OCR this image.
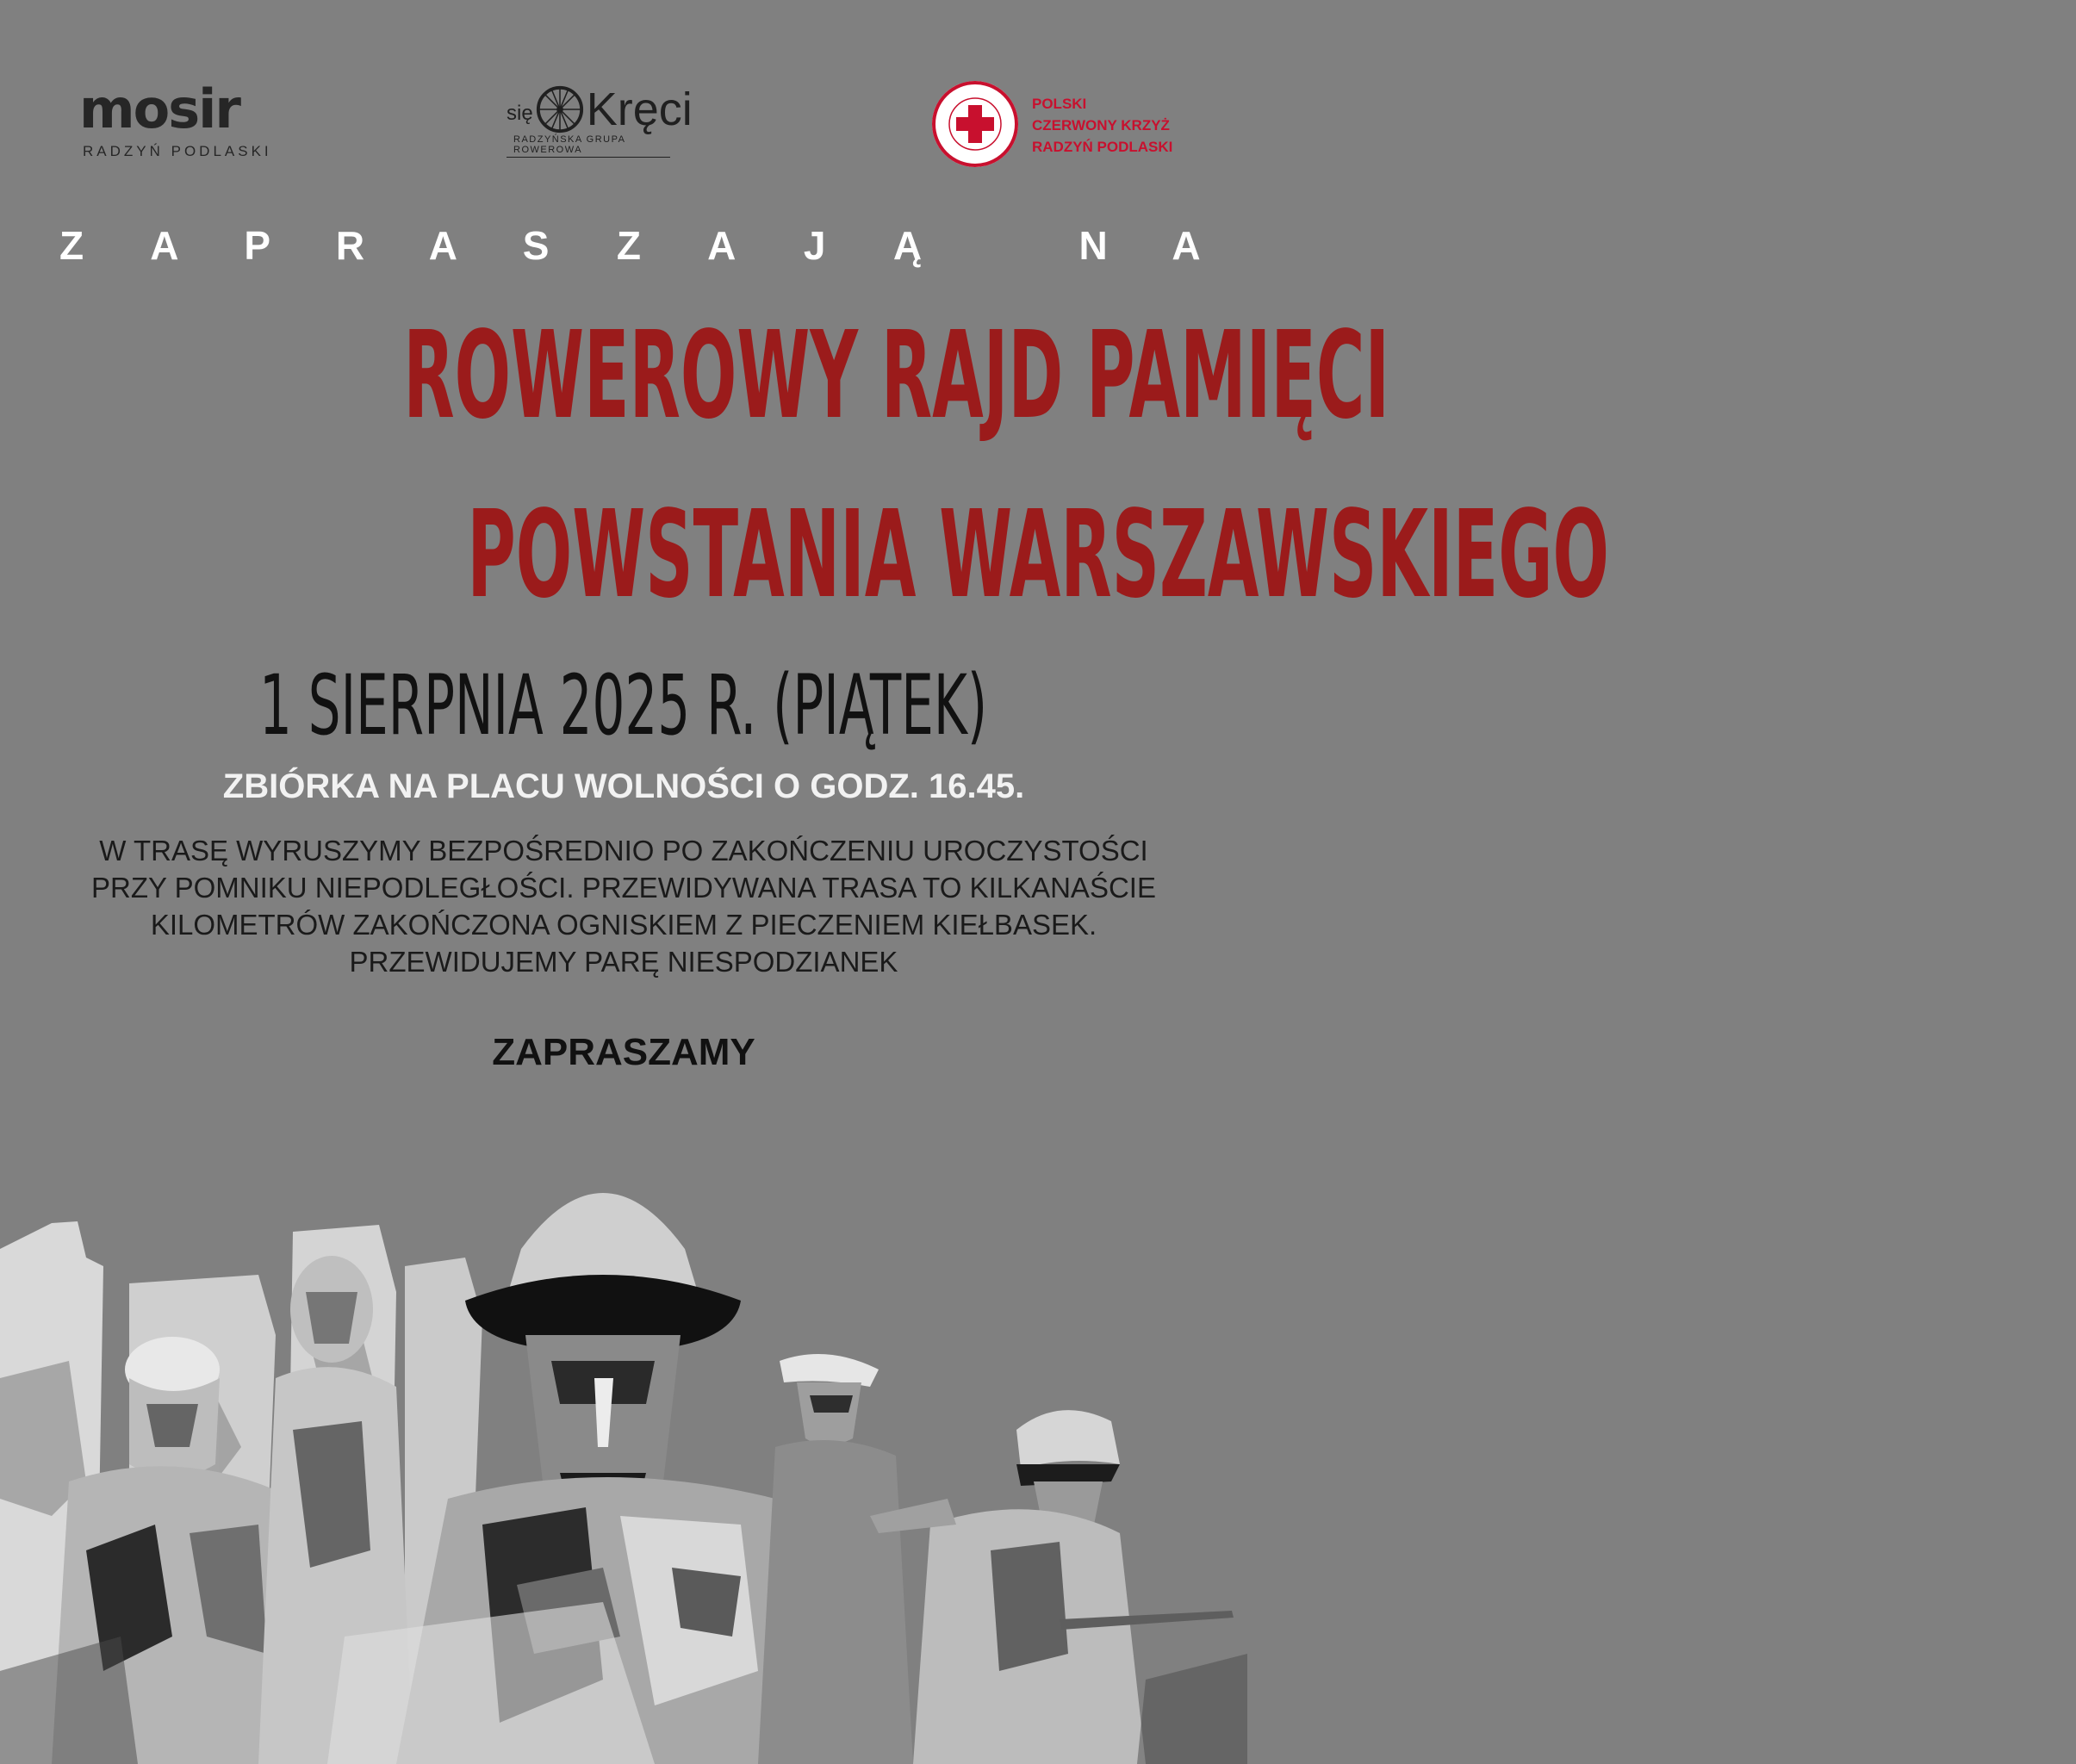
mosir
RADZYŃ PODLASKI
się Kręci
RADZYŃSKA GRUPA ROWEROWA
POLSKI
CZERWONY KRZYŻ
RADZYŃ PODLASKI
Z A P R A S Z A J Ą	N A
ROWEROWY RAJD PAMIĘCI
POWSTANIA WARSZAWSKIEGO
1 SIERPNIA 2025 R. (PIĄTEK)
ZBIÓRKA NA PLACU WOLNOŚCI O GODZ. 16.45.
W TRASĘ WYRUSZYMY BEZPOŚREDNIO PO ZAKOŃCZENIU UROCZYSTOŚCI
PRZY POMNIKU NIEPODLEGŁOŚCI. PRZEWIDYWANA TRASA TO KILKANAŚCIE
KILOMETRÓW ZAKOŃCZONA OGNISKIEM Z PIECZENIEM KIEŁBASEK.
PRZEWIDUJEMY PARĘ NIESPODZIANEK
ZAPRASZAMY
